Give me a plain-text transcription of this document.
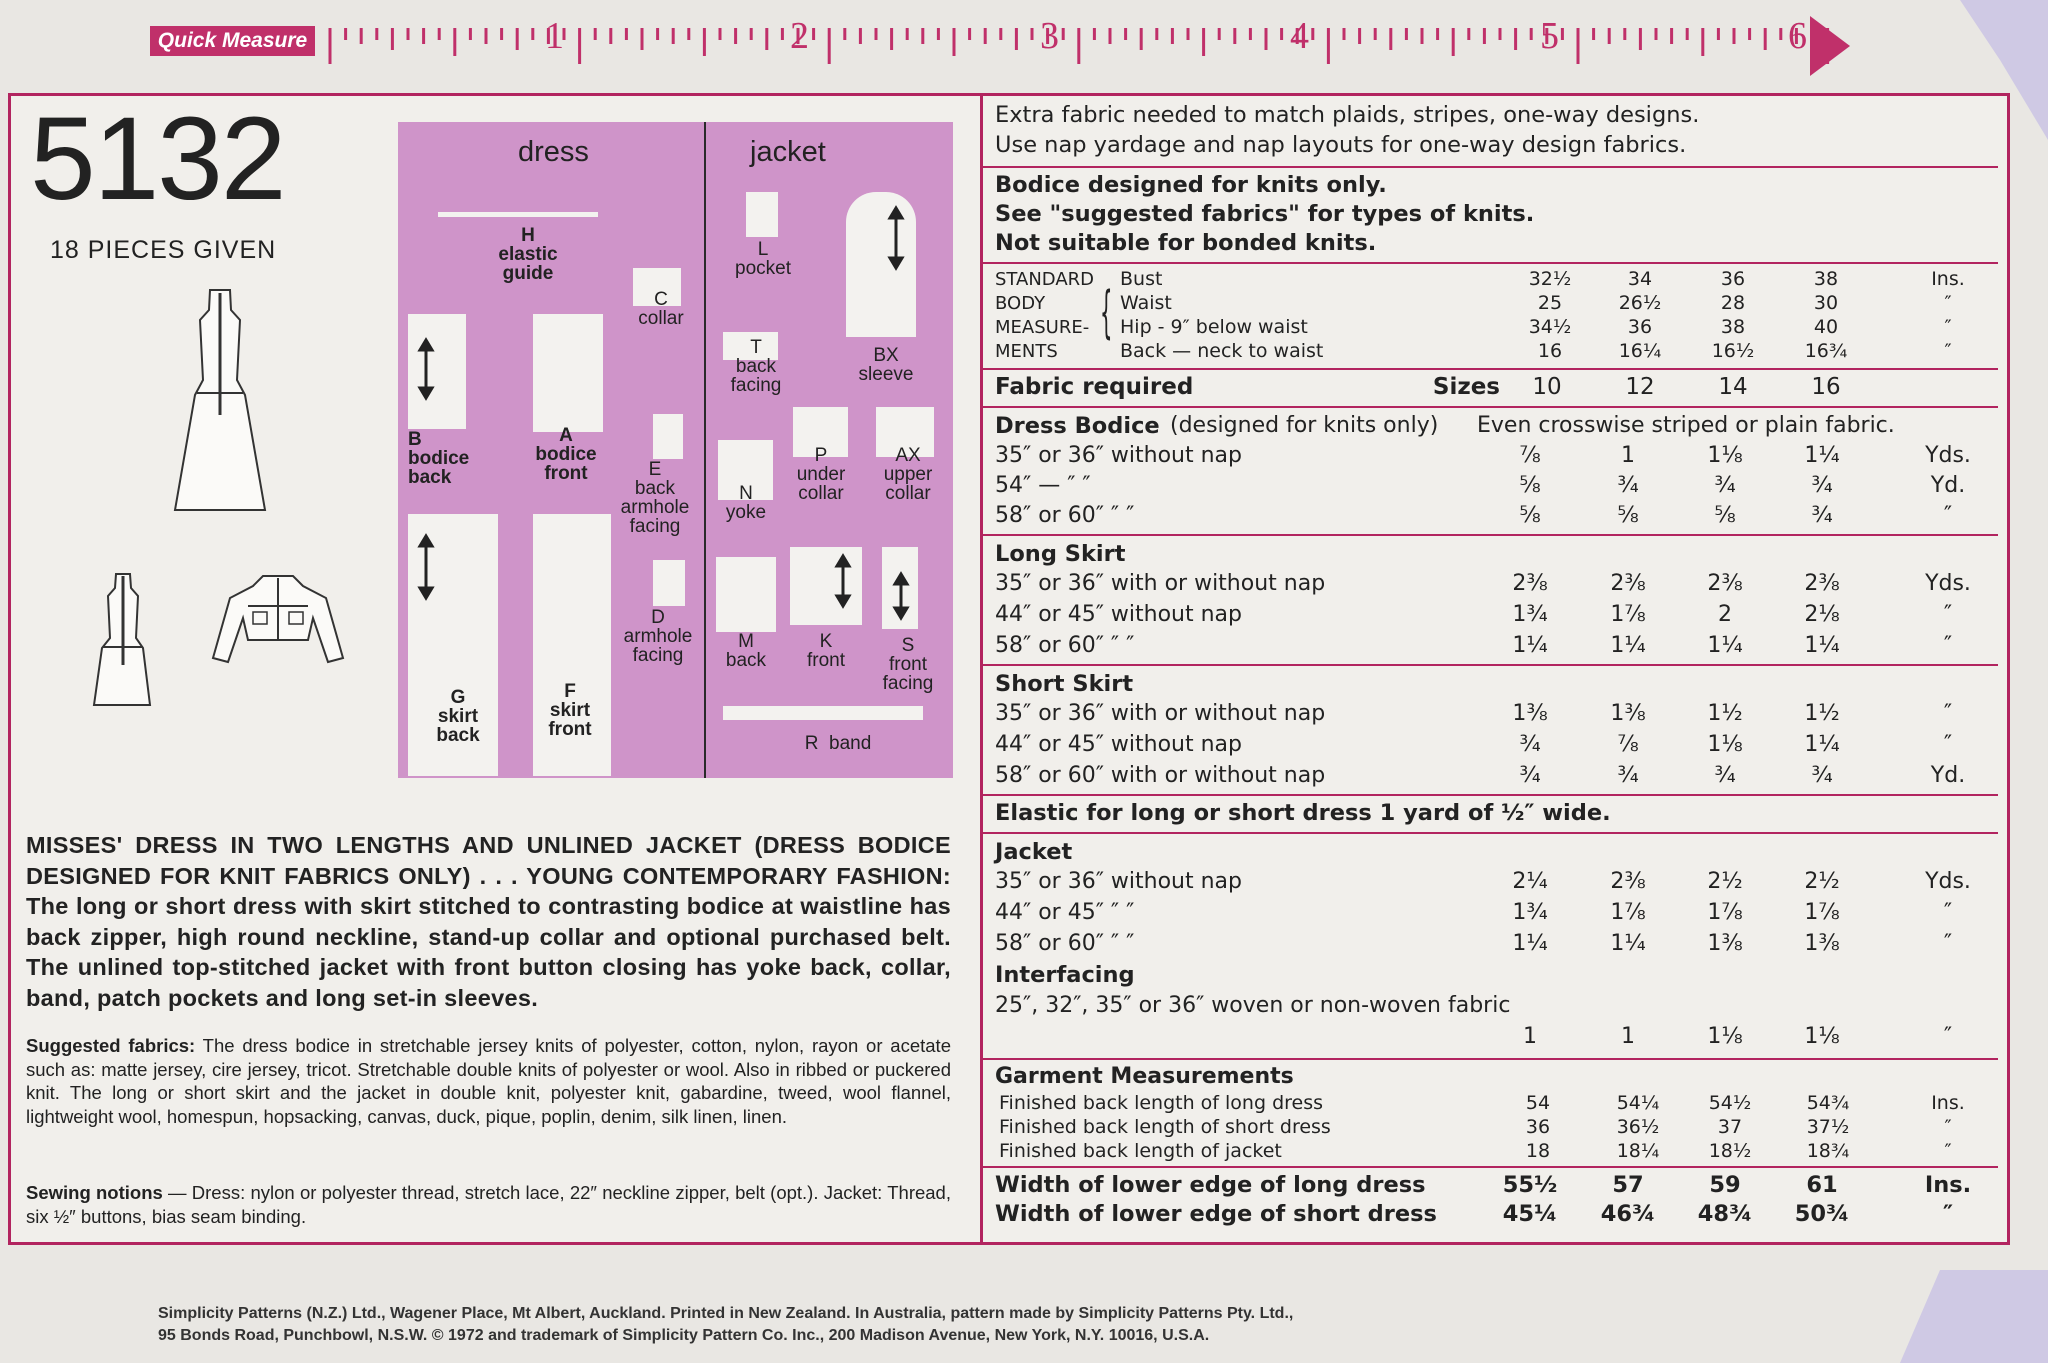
Quick Measure	1	2	3	4	5	6
5132
18 PIECES GIVEN
dress	jacket
H
elastic
guide
C
collar
B
bodice
back
A
bodice
front	E
back
armhole
facing
D
armhole
facing
G
skirt
back
F
skirt
front
L
pocket
BX
sleeve
T
back
facing
N
yoke
P
under
collar
AX
upper
collar
M
back
K
front
S
front
facing
R  band
MISSES' DRESS IN TWO LENGTHS AND UNLINED JACKET (DRESS BODICE DESIGNED FOR KNIT FABRICS ONLY) . . . YOUNG CONTEMPORARY FASHION: The long or short dress with skirt stitched to contrasting bodice at waistline has back zipper, high round neckline, stand-up collar and optional purchased belt. The unlined top-stitched jacket with front button closing has yoke back, collar, band, patch pockets and long set-in sleeves.
Suggested fabrics: The dress bodice in stretchable jersey knits of polyester, cotton, nylon, rayon or acetate such as: matte jersey, cire jersey, tricot. Stretchable double knits of polyester or wool. Also in ribbed or puckered knit. The long or short skirt and the jacket in double knit, polyester knit, gabardine, tweed, wool flannel, lightweight wool, homespun, hopsacking, canvas, duck, pique, poplin, denim, silk linen, linen.
Sewing notions — Dress: nylon or polyester thread, stretch lace, 22″ neckline zipper, belt (opt.). Jacket: Thread, six ½″ buttons, bias seam binding.
Extra fabric needed to match plaids, stripes, one-way designs.
Use nap yardage and nap layouts for one-way design fabrics.
Bodice designed for knits only.
See "suggested fabrics" for types of knits.
Not suitable for bonded knits.
STANDARD
BODY
MEASURE-
MENTS
{
Bust	32½	34	36	38	Ins.
Waist	25	26½	28	30	″
Hip - 9″ below waist	34½	36	38	40	″
Back — neck to waist	16	16¼	16½	16¾	″
Fabric required	Sizes	10	12	14	16
Dress Bodice (designed for knits only) Even crosswise striped or plain fabric.
35″ or 36″ without nap	⅞	1	1⅛	1¼	Yds.
54″ — ″ ″	⅝	¾	¾	¾	Yd.
58″ or 60″ ″ ″	⅝	⅝	⅝	¾	″
Long Skirt
35″ or 36″ with or without nap	2⅜	2⅜	2⅜	2⅜	Yds.
44″ or 45″ without nap	1¾	1⅞	2	2⅛	″
58″ or 60″ ″ ″	1¼	1¼	1¼	1¼	″
Short Skirt
35″ or 36″ with or without nap	1⅜	1⅜	1½	1½	″
44″ or 45″ without nap	¾	⅞	1⅛	1¼	″
58″ or 60″ with or without nap	¾	¾	¾	¾	Yd.
Elastic for long or short dress 1 yard of ½″ wide.
Jacket
35″ or 36″ without nap	2¼	2⅜	2½	2½	Yds.
44″ or 45″ ″ ″	1¾	1⅞	1⅞	1⅞	″
58″ or 60″ ″ ″	1¼	1¼	1⅜	1⅜	″
Interfacing
25″, 32″, 35″ or 36″ woven or non-woven fabric
1	1	1⅛	1⅛	″
Garment Measurements
Finished back length of long dress	54	54¼	54½	54¾	Ins.
Finished back length of short dress	36	36½	37	37½	″
Finished back length of jacket	18	18¼	18½	18¾	″
Width of lower edge of long dress	55½	57	59	61	Ins.
Width of lower edge of short dress	45¼	46¾	48¾	50¾	″
Simplicity Patterns (N.Z.) Ltd., Wagener Place, Mt Albert, Auckland. Printed in New Zealand. In Australia, pattern made by Simplicity Patterns Pty. Ltd.,
95 Bonds Road, Punchbowl, N.S.W. © 1972 and trademark of Simplicity Pattern Co. Inc., 200 Madison Avenue, New York, N.Y. 10016, U.S.A.
